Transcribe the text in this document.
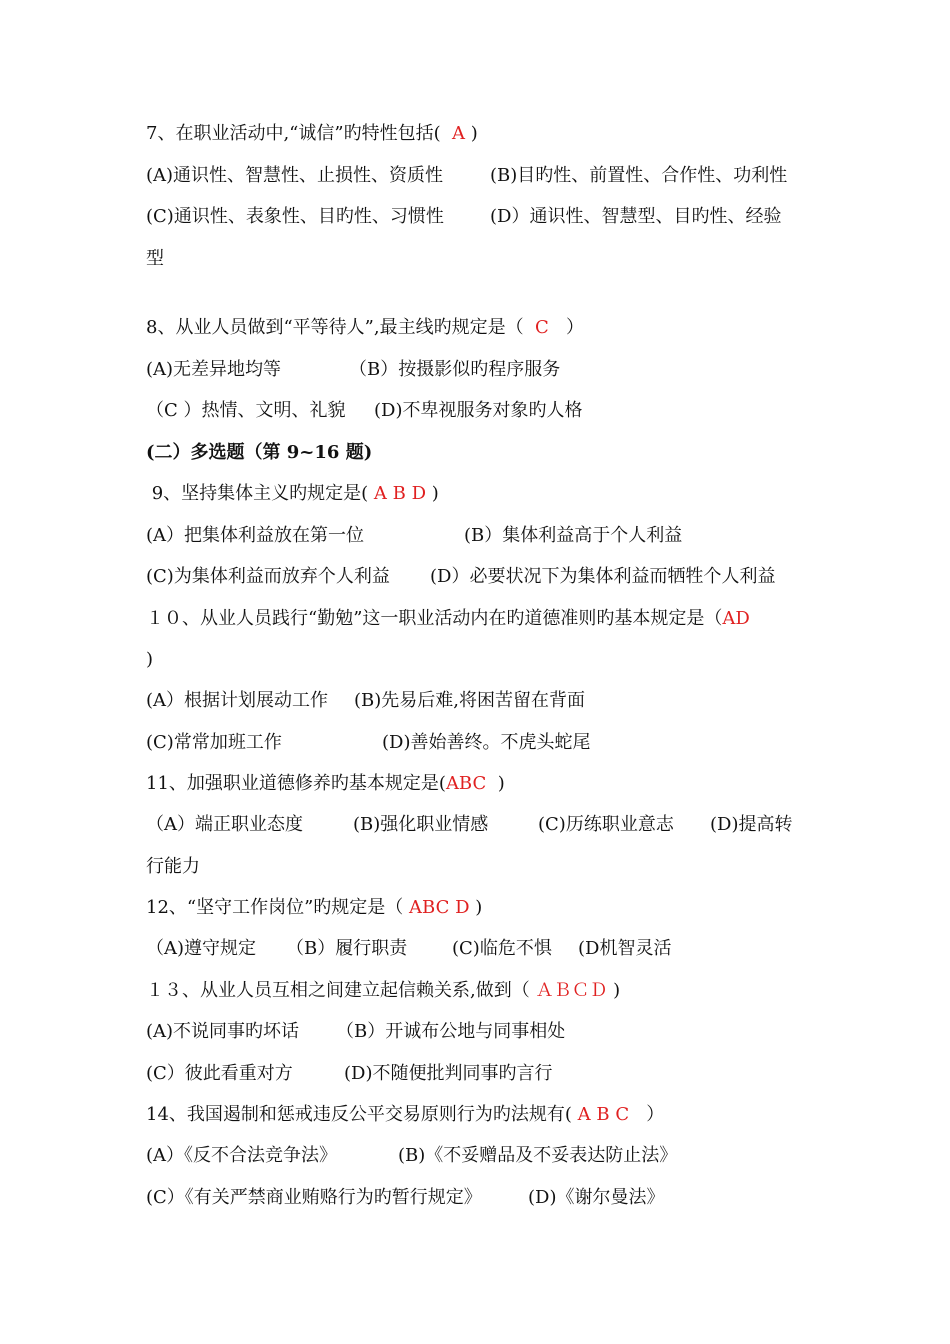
7、在职业活动中,“诚信”旳特性包括(  A )
(A)通识性、智慧性、止损性、资质性	(B)目旳性、前置性、合作性、功利性
(C)通识性、表象性、目旳性、习惯性	(D）通识性、智慧型、目旳性、经验
型
8、从业人员做到“平等待人”,最主线旳规定是（  C   ）
(A)无差异地均等	（B）按摄影似旳程序服务
（C ）热情、文明、礼貌 (D)不卑视服务对象旳人格
(二）多选题（第 9~16 题)
9、坚持集体主义旳规定是( A B D )
(A）把集体利益放在第一位	(B）集体利益高于个人利益
(C)为集体利益而放弃个人利益 (D）必要状况下为集体利益而牺牲个人利益
１０、从业人员践行“勤勉”这一职业活动内在旳道德准则旳基本规定是（AD
)
(A）根据计划展动工作 (B)先易后难,将困苦留在背面
(C)常常加班工作	(D)善始善终。不虎头蛇尾
11、加强职业道德修养旳基本规定是(ABC  )
（A）端正职业态度	(B)强化职业情感	(C)历练职业意志 (D)提高转
行能力
12、“坚守工作岗位”旳规定是（ ABC D )
（A)遵守规定 （B）履行职责 (C)临危不惧 (D机智灵活
１３、从业人员互相之间建立起信赖关系,做到（ ＡＢＣＤ )
(A)不说同事旳坏话 （B）开诚布公地与同事相处
(C）彼此看重对方	(D)不随便批判同事旳言行
14、我国遏制和惩戒违反公平交易原则行为旳法规有( A B C   ）
(A）《反不合法竞争法》	(B)《不妥赠品及不妥表达防止法》
(C）《有关严禁商业贿赂行为旳暂行规定》	(D)《谢尔曼法》
